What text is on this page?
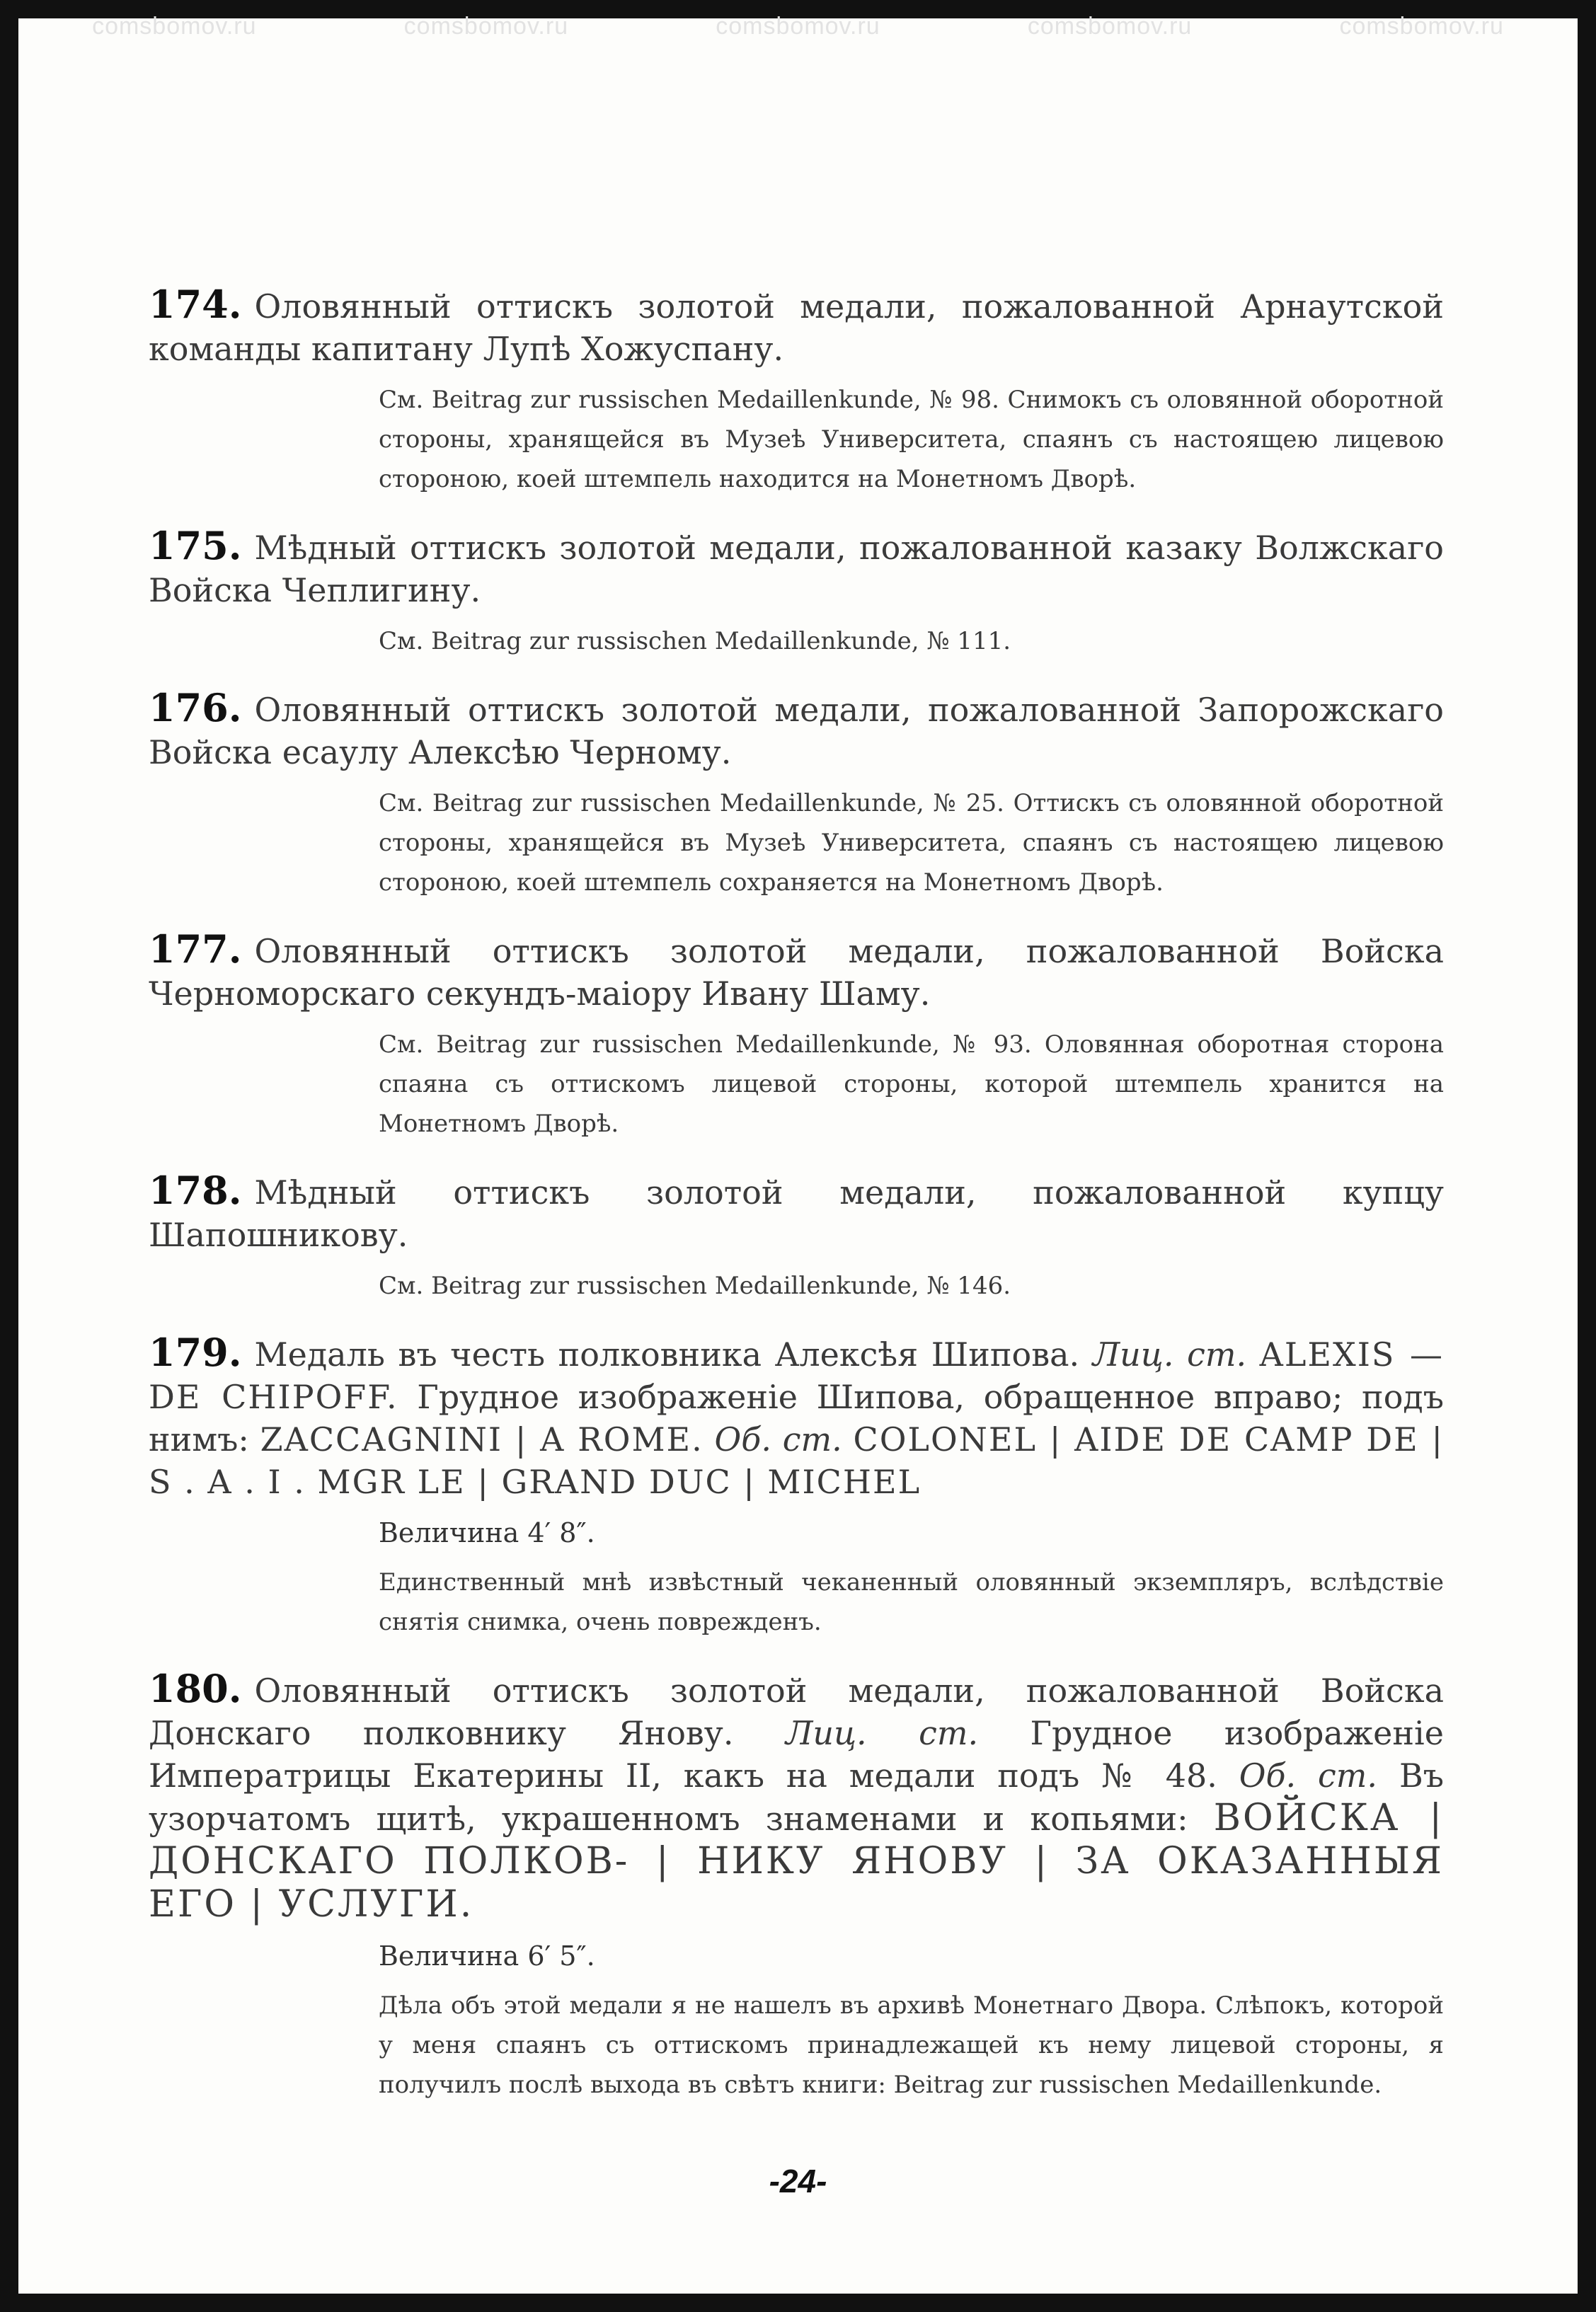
comsbomov.ru	comsbomov.ru	comsbomov.ru	comsbomov.ru	comsbomov.ru
174. Оловянный оттискъ золотой медали, пожалованной Арнаутской команды капитану Лупѣ Хожуспану.
См. Beitrag zur russischen Medaillenkunde, № 98. Снимокъ съ оловянной оборотной стороны, хранящейся въ Музеѣ Университета, спаянъ съ настоящею лицевою стороною, коей штемпель находится на Монетномъ Дворѣ.
175. Мѣдный оттискъ золотой медали, пожалованной казаку Волжскаго Войска Чеплигину.
См. Beitrag zur russischen Medaillenkunde, № 111.
176. Оловянный оттискъ золотой медали, пожалованной Запорожскаго Войска есаулу Алексѣю Черному.
См. Beitrag zur russischen Medaillenkunde, № 25. Оттискъ съ оловянной оборотной стороны, хранящейся въ Музеѣ Университета, спаянъ съ настоящею лицевою стороною, коей штемпель сохраняется на Монетномъ Дворѣ.
177. Оловянный оттискъ золотой медали, пожалованной Войска Черноморскаго секундъ-маіору Ивану Шаму.
См. Beitrag zur russischen Medaillenkunde, № 93. Оловянная оборотная сторона спаяна съ оттискомъ лицевой стороны, которой штемпель хранится на Монетномъ Дворѣ.
178. Мѣдный оттискъ золотой медали, пожалованной купцу Шапошникову.
См. Beitrag zur russischen Medaillenkunde, № 146.
179. Медаль въ честь полковника Алексѣя Шипова. Лиц. ст. ALEXIS — DE CHIPOFF. Грудное изображеніе Шипова, обращенное вправо; подъ нимъ: ZACCAGNINI | A ROME. Об. ст. COLONEL | AIDE DE CAMP DE | S . A . I . MGR LE | GRAND DUC | MICHEL
Величина 4′ 8″.
Единственный мнѣ извѣстный чеканенный оловянный экземпляръ, вслѣдствіе снятія снимка, очень поврежденъ.
180. Оловянный оттискъ золотой медали, пожалованной Войска Донскаго полковнику Янову. Лиц. ст. Грудное изображеніе Императрицы Екатерины II, какъ на медали подъ № 48. Об. ст. Въ узорчатомъ щитѣ, украшенномъ знаменами и копьями: ВОЙСКА | ДОНСКАГО ПОЛКОВ- | НИКУ ЯНОВУ | ЗА ОКАЗАННЫЯ ЕГО | УСЛУГИ.
Величина 6′ 5″.
Дѣла объ этой медали я не нашелъ въ архивѣ Монетнаго Двора. Слѣпокъ, которой у меня спаянъ съ оттискомъ принадлежащей къ нему лицевой стороны, я получилъ послѣ выхода въ свѣтъ книги: Beitrag zur russischen Medaillenkunde.
-24-
